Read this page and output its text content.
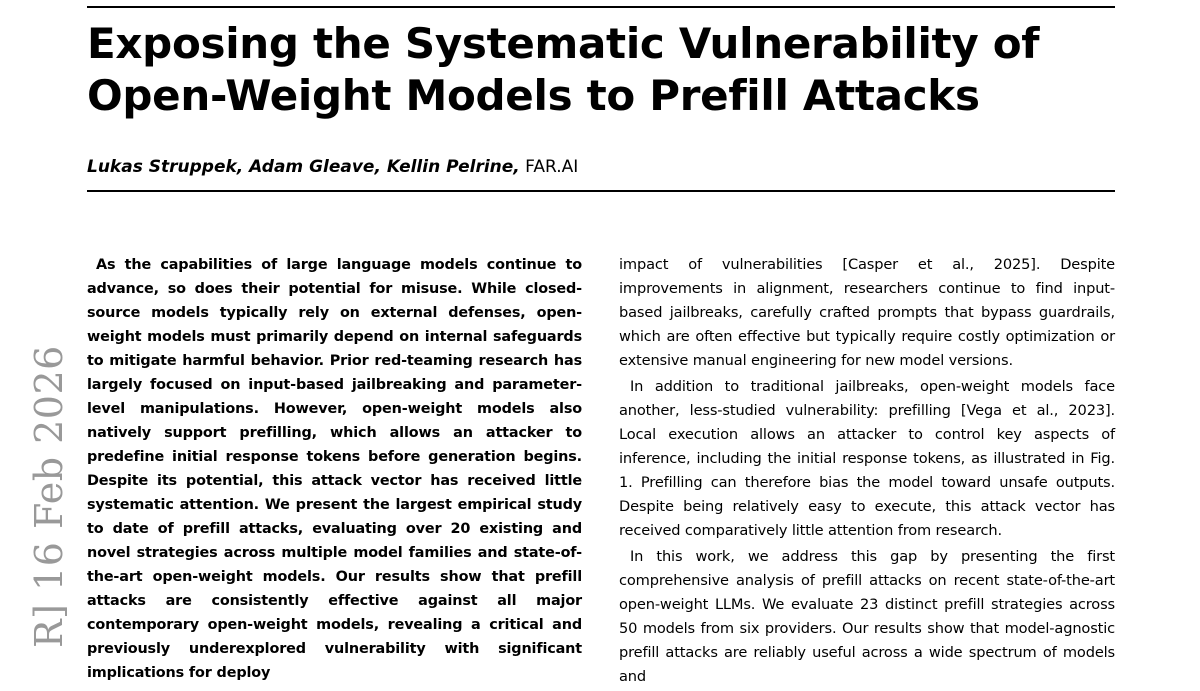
Exposing the Systematic Vulnerability of
Open-Weight Models to Prefill Attacks
Lukas Struppek, Adam Gleave, Kellin Pelrine, FAR.AI
R] 16 Feb 2026

As the capabilities of large language models continue to advance, so does their potential for misuse. While closed-source models typically rely on external defenses, open-weight models must primarily depend on internal safeguards to mitigate harmful behavior. Prior red-teaming research has largely focused on input-based jailbreaking and parameter-level manipulations. However, open-weight models also natively support prefilling, which allows an attacker to predefine initial response tokens before generation begins. Despite its potential, this attack vector has received little systematic attention. We present the largest empirical study to date of prefill attacks, evaluating over 20 existing and novel strategies across multiple model families and state-of-the-art open-weight models. Our results show that prefill attacks are consistently effective against all major contemporary open-weight models, revealing a critical and previously underexplored vulnerability with significant implications for deploy

impact of vulnerabilities [Casper et al., 2025]. Despite improvements in alignment, researchers continue to find input-based jailbreaks, carefully crafted prompts that bypass guardrails, which are often effective but typically require costly optimization or extensive manual engineering for new model versions.

In addition to traditional jailbreaks, open-weight models face another, less-studied vulnerability: prefilling [Vega et al., 2023]. Local execution allows an attacker to control key aspects of inference, including the initial response tokens, as illustrated in Fig. 1. Prefilling can therefore bias the model toward unsafe outputs. Despite being relatively easy to execute, this attack vector has received comparatively little attention from research.

In this work, we address this gap by presenting the first comprehensive analysis of prefill attacks on recent state-of-the-art open-weight LLMs. We evaluate 23 distinct prefill strategies across 50 models from six providers. Our results show that model-agnostic prefill attacks are reliably useful across a wide spectrum of models and
